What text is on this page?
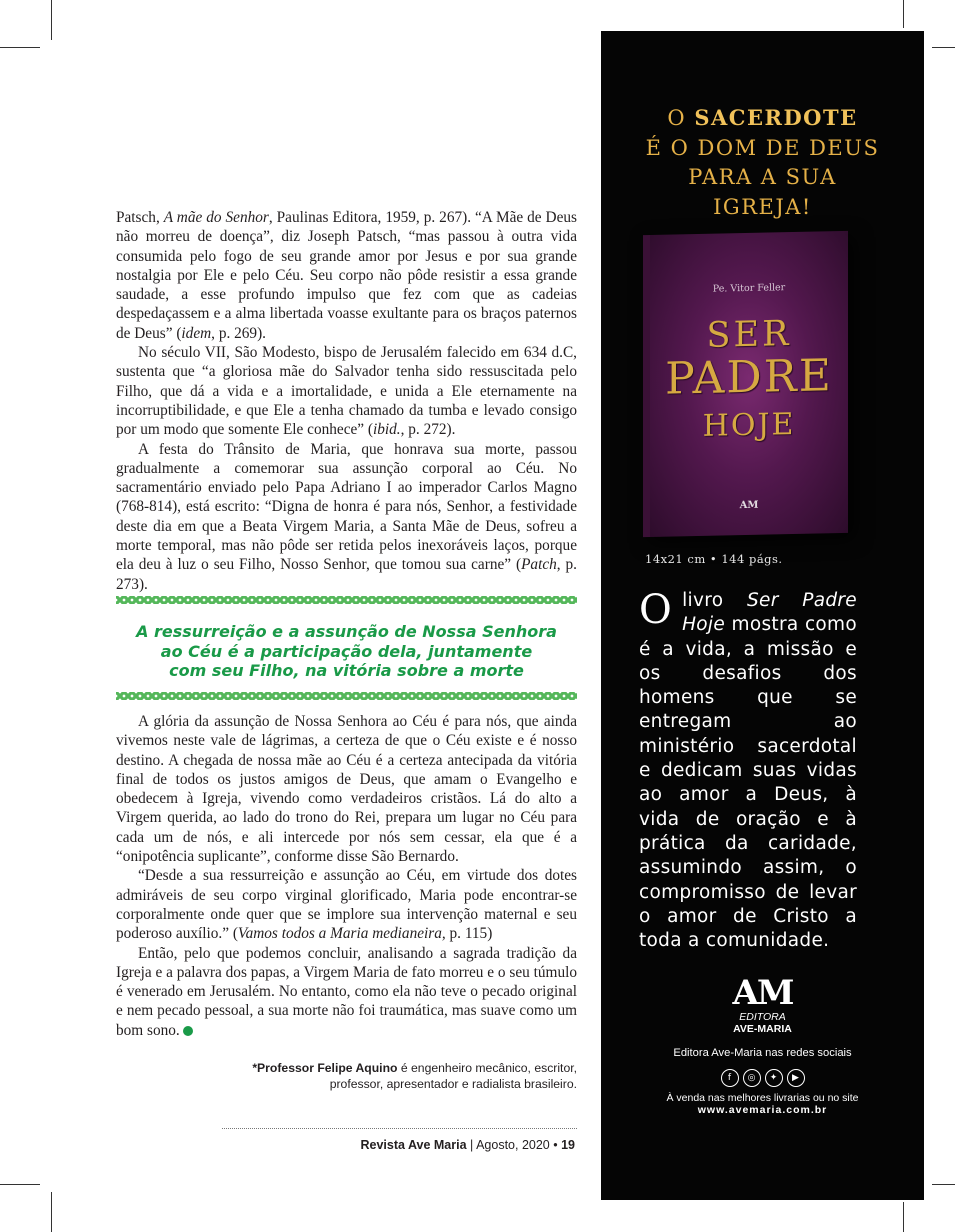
Patsch, A mãe do Senhor, Paulinas Editora, 1959, p. 267). “A Mãe de Deus não morreu de doença”, diz Joseph Patsch, “mas passou à outra vida consumida pelo fogo de seu grande amor por Jesus e por sua grande nostalgia por Ele e pelo Céu. Seu corpo não pôde resistir a essa grande saudade, a esse profundo impulso que fez com que as cadeias despedaçassem e a alma libertada voasse exultante para os braços paternos de Deus” (idem, p. 269).

No século VII, São Modesto, bispo de Jerusalém falecido em 634 d.C, sustenta que “a gloriosa mãe do Salvador tenha sido ressuscitada pelo Filho, que dá a vida e a imortalidade, e unida a Ele eternamente na incorruptibilidade, e que Ele a tenha chamado da tumba e levado consigo por um modo que somente Ele conhece” (ibid., p. 272).

A festa do Trânsito de Maria, que honrava sua morte, passou gradualmente a comemorar sua assunção corporal ao Céu. No sacramentário enviado pelo Papa Adriano I ao imperador Carlos Magno (768-814), está escrito: “Digna de honra é para nós, Senhor, a festividade deste dia em que a Beata Virgem Maria, a Santa Mãe de Deus, sofreu a morte temporal, mas não pôde ser retida pelos inexoráveis laços, porque ela deu à luz o seu Filho, Nosso Senhor, que tomou sua carne” (Patch, p. 273).

A ressurreição e a assunção de Nossa Senhora
ao Céu é a participação dela, juntamente
com seu Filho, na vitória sobre a morte

A glória da assunção de Nossa Senhora ao Céu é para nós, que ainda vivemos neste vale de lágrimas, a certeza de que o Céu existe e é nosso destino. A chegada de nossa mãe ao Céu é a certeza antecipada da vitória final de todos os justos amigos de Deus, que amam o Evangelho e obedecem à Igreja, vivendo como verdadeiros cristãos. Lá do alto a Virgem querida, ao lado do trono do Rei, prepara um lugar no Céu para cada um de nós, e ali intercede por nós sem cessar, ela que é a “onipotência suplicante”, conforme disse São Bernardo.

“Desde a sua ressurreição e assunção ao Céu, em virtude dos dotes admiráveis de seu corpo virginal glorificado, Maria pode encontrar-se corporalmente onde quer que se implore sua intervenção maternal e seu poderoso auxílio.” (Vamos todos a Maria medianeira, p. 115)

Então, pelo que podemos concluir, analisando a sagrada tradição da Igreja e a palavra dos papas, a Virgem Maria de fato morreu e o seu túmulo é venerado em Jerusalém. No entanto, como ela não teve o pecado original e nem pecado pessoal, a sua morte não foi traumática, mas suave como um bom sono.

*Professor Felipe Aquino é engenheiro mecânico, escritor,
professor, apresentador e radialista brasileiro.
Revista Ave Maria | Agosto, 2020 • 19
O SACERDOTE
É O DOM DE DEUS
PARA A SUA
IGREJA!
Pe. Vitor Feller
SER
PADRE
HOJE
AM
14x21 cm • 144 págs.
Olivro Ser Padre Hoje mostra como é a vida, a missão e os desafios dos homens que se entregam ao ministério sacerdotal e dedicam suas vidas ao amor a Deus, à vida de oração e à prática da caridade, assumindo assim, o compromisso de levar o amor de Cristo a toda a comunidade.
AM
EDITORA
AVE-MARIA
Editora Ave-Maria nas redes sociais
f ◎ ✦ ▶
À venda nas melhores livrarias ou no site
www.avemaria.com.br
